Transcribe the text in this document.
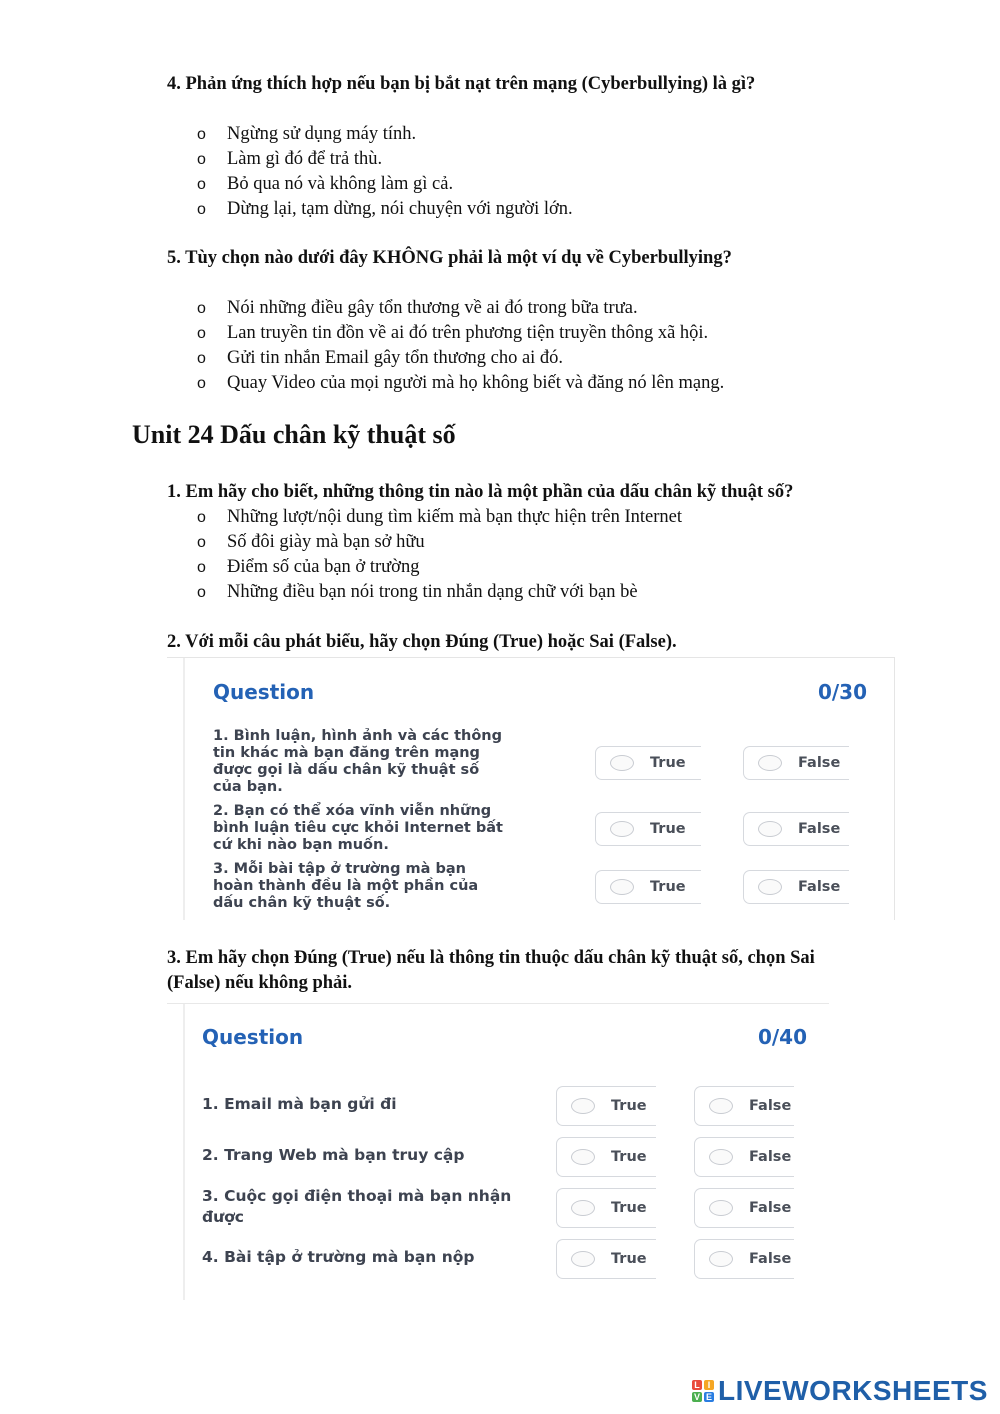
4. Phản ứng thích hợp nếu bạn bị bắt nạt trên mạng (Cyberbullying) là gì?
o Ngừng sử dụng máy tính.
o Làm gì đó để trả thù.
o Bỏ qua nó và không làm gì cả.
o Dừng lại, tạm dừng, nói chuyện với người lớn.
5. Tùy chọn nào dưới đây KHÔNG phải là một ví dụ về Cyberbullying?
o Nói những điều gây tổn thương về ai đó trong bữa trưa.
o Lan truyền tin đồn về ai đó trên phương tiện truyền thông xã hội.
o Gửi tin nhắn Email gây tổn thương cho ai đó.
o Quay Video của mọi người mà họ không biết và đăng nó lên mạng.
Unit 24 Dấu chân kỹ thuật số
1. Em hãy cho biết, những thông tin nào là một phần của dấu chân kỹ thuật số?
o Những lượt/nội dung tìm kiếm mà bạn thực hiện trên Internet
o Số đôi giày mà bạn sở hữu
o Điểm số của bạn ở trường
o Những điều bạn nói trong tin nhắn dạng chữ với bạn bè
2. Với mỗi câu phát biểu, hãy chọn Đúng (True) hoặc Sai (False).
Question	0/30
1. Bình luận, hình ảnh và các thông
tin khác mà bạn đăng trên mạng
được gọi là dấu chân kỹ thuật số
của bạn.
True	False
2. Bạn có thể xóa vĩnh viễn những
bình luận tiêu cực khỏi Internet bất
cứ khi nào bạn muốn.
True	False
3. Mỗi bài tập ở trường mà bạn
hoàn thành đều là một phần của
dấu chân kỹ thuật số.
True	False
3. Em hãy chọn Đúng (True) nếu là thông tin thuộc dấu chân kỹ thuật số, chọn Sai
(False) nếu không phải.
Question	0/40
1. Email mà bạn gửi đi	True	False
2. Trang Web mà bạn truy cập	True	False
3. Cuộc gọi điện thoại mà bạn nhận
được	True	False
4. Bài tập ở trường mà bạn nộp	True	False
L I
V E LIVEWORKSHEETS
